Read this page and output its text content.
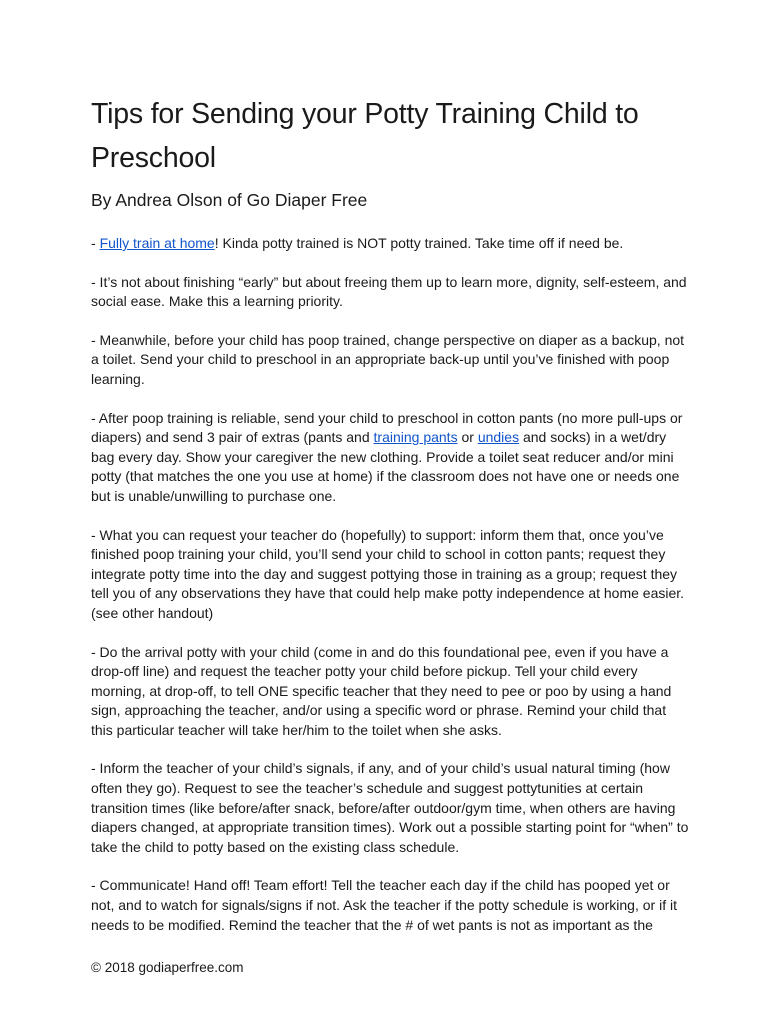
Tips for Sending your Potty Training Child to Preschool
By Andrea Olson of Go Diaper Free

- Fully train at home! Kinda potty trained is NOT potty trained. Take time off if need be.

- It’s not about finishing “early” but about freeing them up to learn more, dignity, self-esteem, and social ease. Make this a learning priority.

- Meanwhile, before your child has poop trained, change perspective on diaper as a backup, not a toilet. Send your child to preschool in an appropriate back-up until you’ve finished with poop learning.

- After poop training is reliable, send your child to preschool in cotton pants (no more pull-ups or diapers) and send 3 pair of extras (pants and training pants or undies and socks) in a wet/dry bag every day. Show your caregiver the new clothing. Provide a toilet seat reducer and/or mini potty (that matches the one you use at home) if the classroom does not have one or needs one but is unable/unwilling to purchase one.

- What you can request your teacher do (hopefully) to support: inform them that, once you’ve finished poop training your child, you’ll send your child to school in cotton pants; request they integrate potty time into the day and suggest pottying those in training as a group; request they tell you of any observations they have that could help make potty independence at home easier. (see other handout)

- Do the arrival potty with your child (come in and do this foundational pee, even if you have a drop-off line) and request the teacher potty your child before pickup. Tell your child every morning, at drop-off, to tell ONE specific teacher that they need to pee or poo by using a hand sign, approaching the teacher, and/or using a specific word or phrase. Remind your child that this particular teacher will take her/him to the toilet when she asks.

- Inform the teacher of your child’s signals, if any, and of your child’s usual natural timing (how often they go). Request to see the teacher’s schedule and suggest pottytunities at certain transition times (like before/after snack, before/after outdoor/gym time, when others are having diapers changed, at appropriate transition times). Work out a possible starting point for “when” to take the child to potty based on the existing class schedule.

- Communicate! Hand off! Team effort! Tell the teacher each day if the child has pooped yet or not, and to watch for signals/signs if not. Ask the teacher if the potty schedule is working, or if it needs to be modified. Remind the teacher that the # of wet pants is not as important as the

© 2018 godiaperfree.com
